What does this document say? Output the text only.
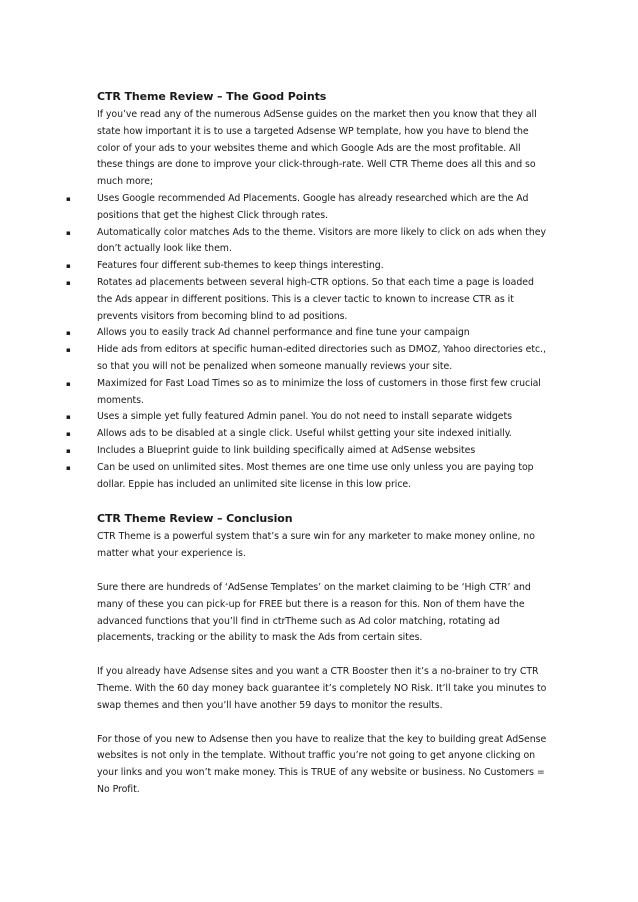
CTR Theme Review – The Good Points

If you’ve read any of the numerous AdSense guides on the market then you know that they all state how important it is to use a targeted Adsense WP template, how you have to blend the color of your ads to your websites theme and which Google Ads are the most profitable. All these things are done to improve your click-through-rate. Well CTR Theme does all this and so much more;

▪	Uses Google recommended Ad Placements. Google has already researched which are the Ad positions that get the highest Click through rates.
▪	Automatically color matches Ads to the theme. Visitors are more likely to click on ads when they don’t actually look like them.
▪	Features four different sub-themes to keep things interesting.
▪	Rotates ad placements between several high-CTR options. So that each time a page is loaded the Ads appear in different positions. This is a clever tactic to known to increase CTR as it prevents visitors from becoming blind to ad positions.
▪	Allows you to easily track Ad channel performance and fine tune your campaign
▪	Hide ads from editors at specific human-edited directories such as DMOZ, Yahoo directories etc., so that you will not be penalized when someone manually reviews your site.
▪	Maximized for Fast Load Times so as to minimize the loss of customers in those first few crucial moments.
▪	Uses a simple yet fully featured Admin panel. You do not need to install separate widgets
▪	Allows ads to be disabled at a single click. Useful whilst getting your site indexed initially.
▪	Includes a Blueprint guide to link building specifically aimed at AdSense websites
▪	Can be used on unlimited sites. Most themes are one time use only unless you are paying top dollar. Eppie has included an unlimited site license in this low price.
CTR Theme Review – Conclusion

CTR Theme is a powerful system that’s a sure win for any marketer to make money online, no matter what your experience is.

Sure there are hundreds of ‘AdSense Templates’ on the market claiming to be ‘High CTR’ and many of these you can pick-up for FREE but there is a reason for this. Non of them have the advanced functions that you’ll find in ctrTheme such as Ad color matching, rotating ad placements, tracking or the ability to mask the Ads from certain sites.

If you already have Adsense sites and you want a CTR Booster then it’s a no-brainer to try CTR Theme. With the 60 day money back guarantee it’s completely NO Risk. It’ll take you minutes to swap themes and then you’ll have another 59 days to monitor the results.

For those of you new to Adsense then you have to realize that the key to building great AdSense websites is not only in the template. Without traffic you’re not going to get anyone clicking on your links and you won’t make money. This is TRUE of any website or business. No Customers = No Profit.
